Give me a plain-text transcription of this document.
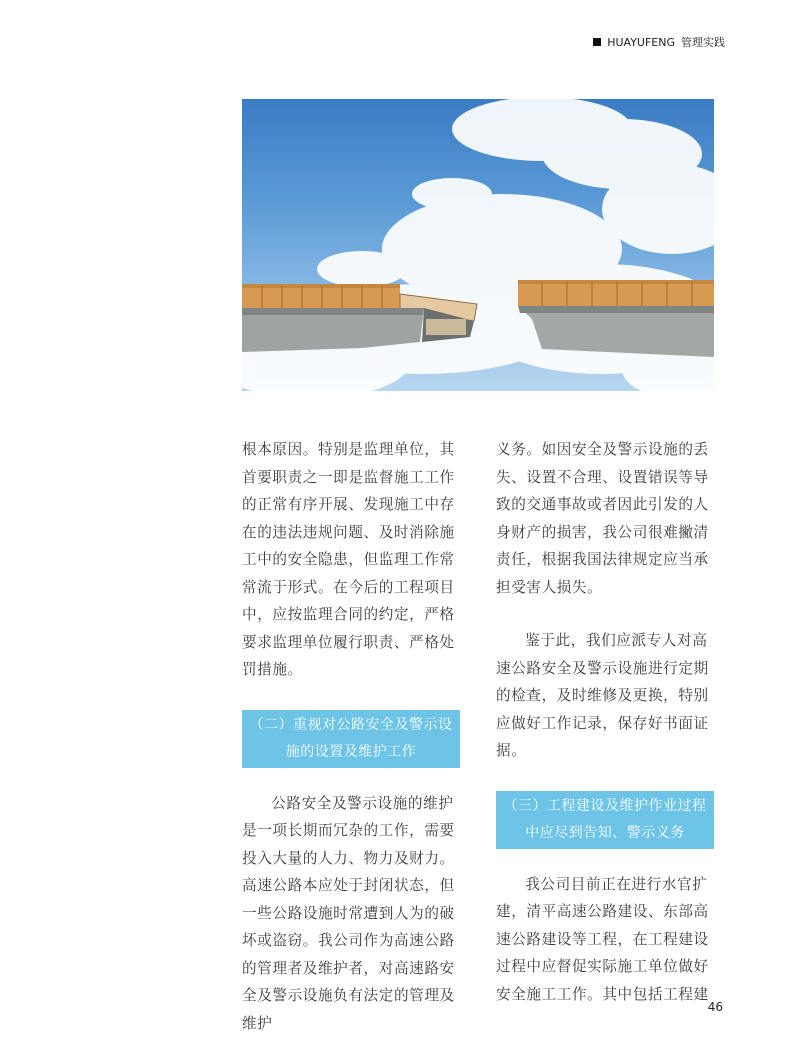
HUAYUFENG 管理实践

根本原因。特别是监理单位，其首要职责之一即是监督施工工作的正常有序开展、发现施工中存在的违法违规问题、及时消除施工中的安全隐患，但监理工作常常流于形式。在今后的工程项目中，应按监理合同的约定，严格要求监理单位履行职责、严格处罚措施。

（二）重视对公路安全及警示设
施的设置及维护工作

公路安全及警示设施的维护是一项长期而冗杂的工作，需要投入大量的人力、物力及财力。高速公路本应处于封闭状态，但一些公路设施时常遭到人为的破坏或盗窃。我公司作为高速公路的管理者及维护者，对高速路安全及警示设施负有法定的管理及维护

义务。如因安全及警示设施的丢失、设置不合理、设置错误等导致的交通事故或者因此引发的人身财产的损害，我公司很难撇清责任，根据我国法律规定应当承担受害人损失。

鉴于此，我们应派专人对高速公路安全及警示设施进行定期的检查，及时维修及更换，特别应做好工作记录，保存好书面证据。

（三）工程建设及维护作业过程
中应尽到告知、警示义务

我公司目前正在进行水官扩建，清平高速公路建设、东部高速公路建设等工程，在工程建设过程中应督促实际施工单位做好安全施工工作。其中包括工程建

46
